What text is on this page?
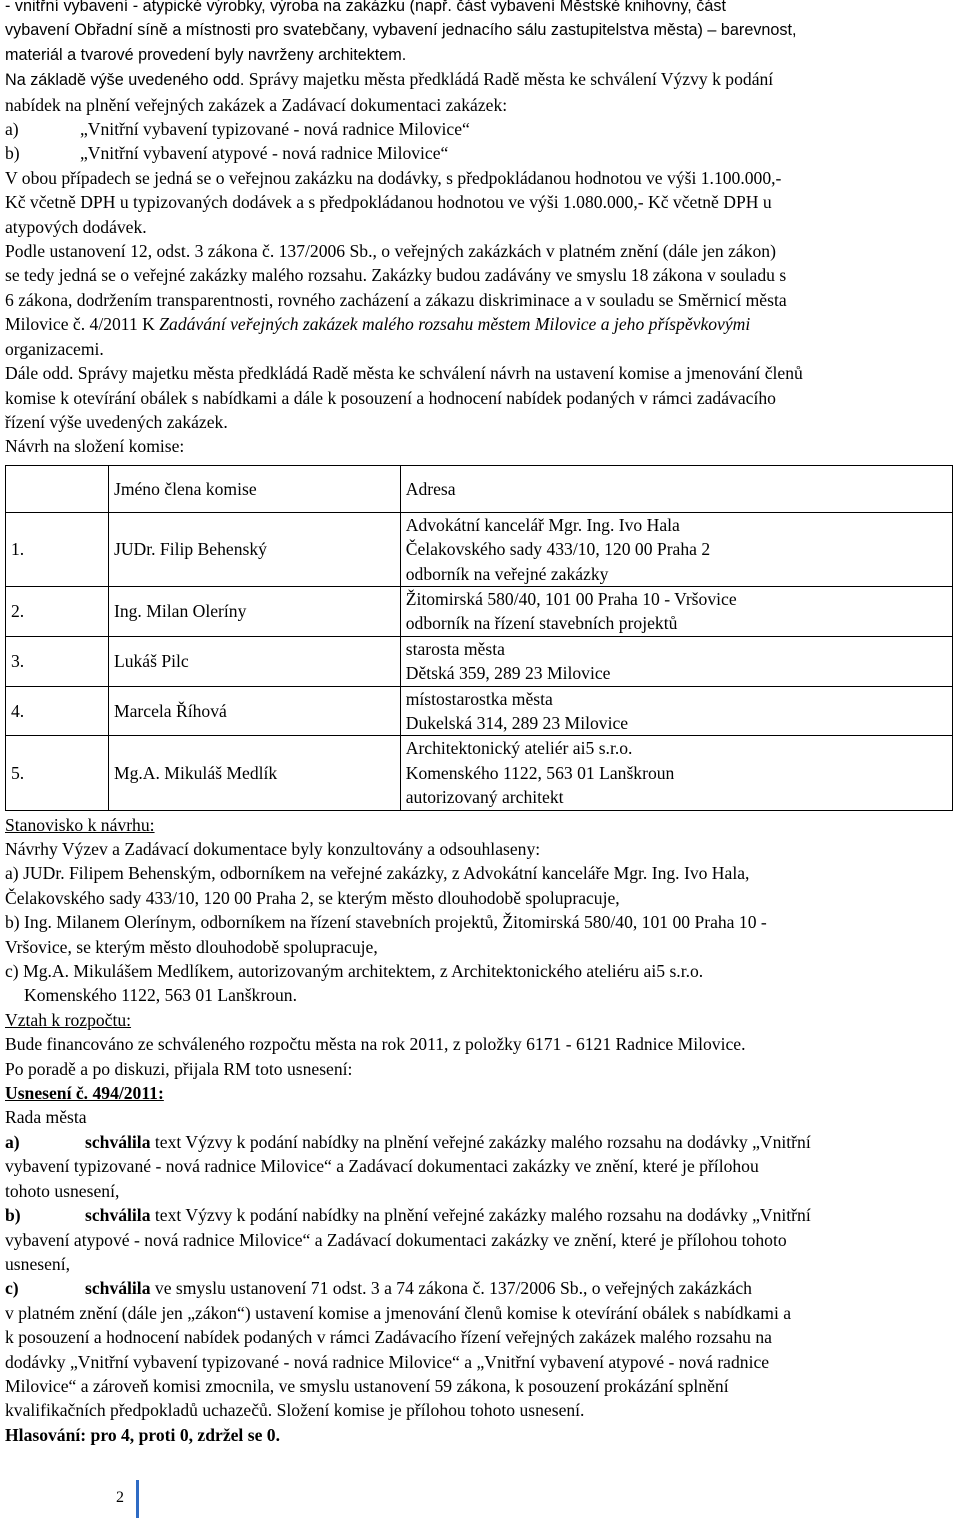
- vnitřní vybavení - atypické výrobky, výroba na zakázku (např. část vybavení Městské knihovny, část
vybavení Obřadní síně a místnosti pro svatebčany, vybavení jednacího sálu zastupitelstva města) – barevnost,
materiál a tvarové provedení byly navrženy architektem.
Na základě výše uvedeného odd. Správy majetku města předkládá Radě města ke schválení Výzvy k podání
nabídek na plnění veřejných zakázek a Zadávací dokumentaci zakázek:
a)	„Vnitřní vybavení typizované - nová radnice Milovice“
b)	„Vnitřní vybavení atypové - nová radnice Milovice“
V obou případech se jedná se o veřejnou zakázku na dodávky, s předpokládanou hodnotou ve výši 1.100.000,-
Kč včetně DPH u typizovaných dodávek a s předpokládanou hodnotou ve výši 1.080.000,- Kč včetně DPH u
atypových dodávek.
Podle ustanovení 12, odst. 3 zákona č. 137/2006 Sb., o veřejných zakázkách v platném znění (dále jen zákon)
se tedy jedná se o veřejné zakázky malého rozsahu. Zakázky budou zadávány ve smyslu 18 zákona v souladu s
6 zákona, dodržením transparentnosti, rovného zacházení a zákazu diskriminace a v souladu se Směrnicí města
Milovice č. 4/2011 K Zadávání veřejných zakázek malého rozsahu městem Milovice a jeho příspěvkovými
organizacemi.
Dále odd. Správy majetku města předkládá Radě města ke schválení návrh na ustavení komise a jmenování členů
komise k otevírání obálek s nabídkami a dále k posouzení a hodnocení nabídek podaných v rámci zadávacího
řízení výše uvedených zakázek.
Návrh na složení komise:
	Jméno člena komise	Adresa
1.	JUDr. Filip Behenský	Advokátní kancelář Mgr. Ing. Ivo Hala
Čelakovského sady 433/10, 120 00 Praha 2
odborník na veřejné zakázky

2.	Ing. Milan Oleríny	Žitomirská 580/40, 101 00 Praha 10 - Vršovice
odborník na řízení stavebních projektů

3.	Lukáš Pilc	starosta města
Dětská 359, 289 23 Milovice

4.	Marcela Říhová	místostarostka města
Dukelská 314, 289 23 Milovice

5.	Mg.A. Mikuláš Medlík	Architektonický ateliér ai5 s.r.o.
Komenského 1122, 563 01 Lanškroun
autorizovaný architekt
Stanovisko k návrhu:
Návrhy Výzev a Zadávací dokumentace byly konzultovány a odsouhlaseny:
a) JUDr. Filipem Behenským, odborníkem na veřejné zakázky, z Advokátní kanceláře Mgr. Ing. Ivo Hala,
Čelakovského sady 433/10, 120 00 Praha 2, se kterým město dlouhodobě spolupracuje,
b) Ing. Milanem Olerínym, odborníkem na řízení stavebních projektů, Žitomirská 580/40, 101 00 Praha 10 -
Vršovice, se kterým město dlouhodobě spolupracuje,
c) Mg.A. Mikulášem Medlíkem, autorizovaným architektem, z Architektonického ateliéru ai5 s.r.o.
Komenského 1122, 563 01 Lanškroun.
Vztah k rozpočtu:
Bude financováno ze schváleného rozpočtu města na rok 2011, z položky 6171 - 6121 Radnice Milovice.
Po poradě a po diskuzi, přijala RM toto usnesení:
Usnesení č. 494/2011:
Rada města
a)	schválila text Výzvy k podání nabídky na plnění veřejné zakázky malého rozsahu na dodávky „Vnitřní
vybavení typizované - nová radnice Milovice“ a Zadávací dokumentaci zakázky ve znění, které je přílohou
tohoto usnesení,
b)	schválila text Výzvy k podání nabídky na plnění veřejné zakázky malého rozsahu na dodávky „Vnitřní
vybavení atypové - nová radnice Milovice“ a Zadávací dokumentaci zakázky ve znění, které je přílohou tohoto
usnesení,
c)	schválila ve smyslu ustanovení 71 odst. 3 a 74 zákona č. 137/2006 Sb., o veřejných zakázkách
v platném znění (dále jen „zákon“) ustavení komise a jmenování členů komise k otevírání obálek s nabídkami a
k posouzení a hodnocení nabídek podaných v rámci Zadávacího řízení veřejných zakázek malého rozsahu na
dodávky „Vnitřní vybavení typizované - nová radnice Milovice“ a „Vnitřní vybavení atypové - nová radnice
Milovice“ a zároveň komisi zmocnila, ve smyslu ustanovení 59 zákona, k posouzení prokázání splnění
kvalifikačních předpokladů uchazečů. Složení komise je přílohou tohoto usnesení.
Hlasování: pro 4, proti 0, zdržel se 0.
2
